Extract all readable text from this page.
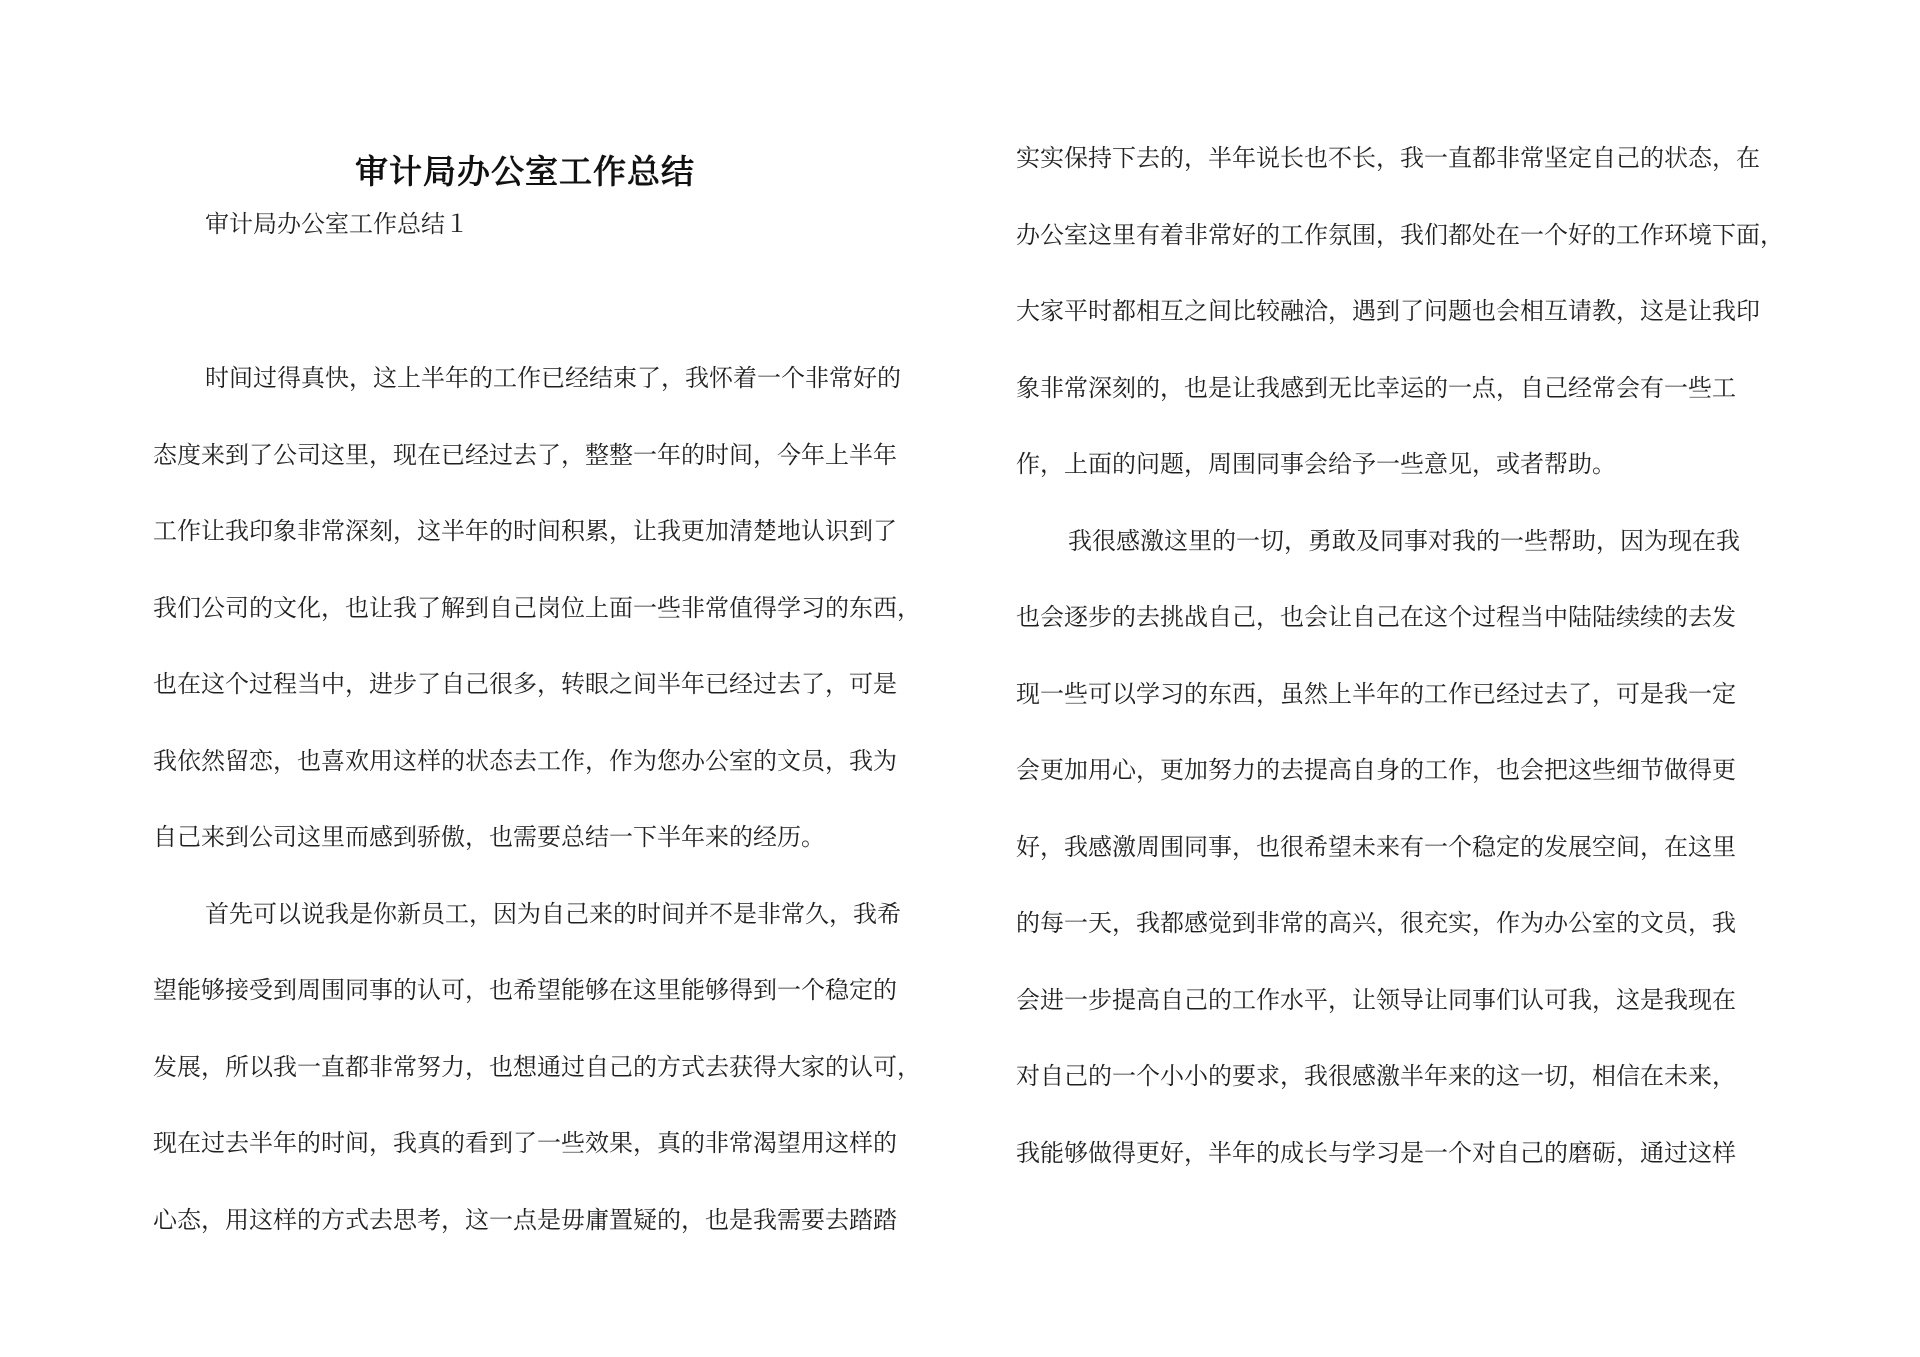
审计局办公室工作总结
审计局办公室工作总结１
时间过得真快，这上半年的工作已经结束了，我怀着一个非常好的
态度来到了公司这里，现在已经过去了，整整一年的时间，今年上半年
工作让我印象非常深刻，这半年的时间积累，让我更加清楚地认识到了
我们公司的文化，也让我了解到自己岗位上面一些非常值得学习的东西，
也在这个过程当中，进步了自己很多，转眼之间半年已经过去了，可是
我依然留恋，也喜欢用这样的状态去工作，作为您办公室的文员，我为
自己来到公司这里而感到骄傲，也需要总结一下半年来的经历。
首先可以说我是你新员工，因为自己来的时间并不是非常久，我希
望能够接受到周围同事的认可，也希望能够在这里能够得到一个稳定的
发展，所以我一直都非常努力，也想通过自己的方式去获得大家的认可，
现在过去半年的时间，我真的看到了一些效果，真的非常渴望用这样的
心态，用这样的方式去思考，这一点是毋庸置疑的，也是我需要去踏踏
实实保持下去的，半年说长也不长，我一直都非常坚定自己的状态，在
办公室这里有着非常好的工作氛围，我们都处在一个好的工作环境下面，
大家平时都相互之间比较融洽，遇到了问题也会相互请教，这是让我印
象非常深刻的，也是让我感到无比幸运的一点，自己经常会有一些工
作，上面的问题，周围同事会给予一些意见，或者帮助。
我很感激这里的一切，勇敢及同事对我的一些帮助，因为现在我
也会逐步的去挑战自己，也会让自己在这个过程当中陆陆续续的去发
现一些可以学习的东西，虽然上半年的工作已经过去了，可是我一定
会更加用心，更加努力的去提高自身的工作，也会把这些细节做得更
好，我感激周围同事，也很希望未来有一个稳定的发展空间，在这里
的每一天，我都感觉到非常的高兴，很充实，作为办公室的文员，我
会进一步提高自己的工作水平，让领导让同事们认可我，这是我现在
对自己的一个小小的要求，我很感激半年来的这一切，相信在未来，
我能够做得更好，半年的成长与学习是一个对自己的磨砺，通过这样
